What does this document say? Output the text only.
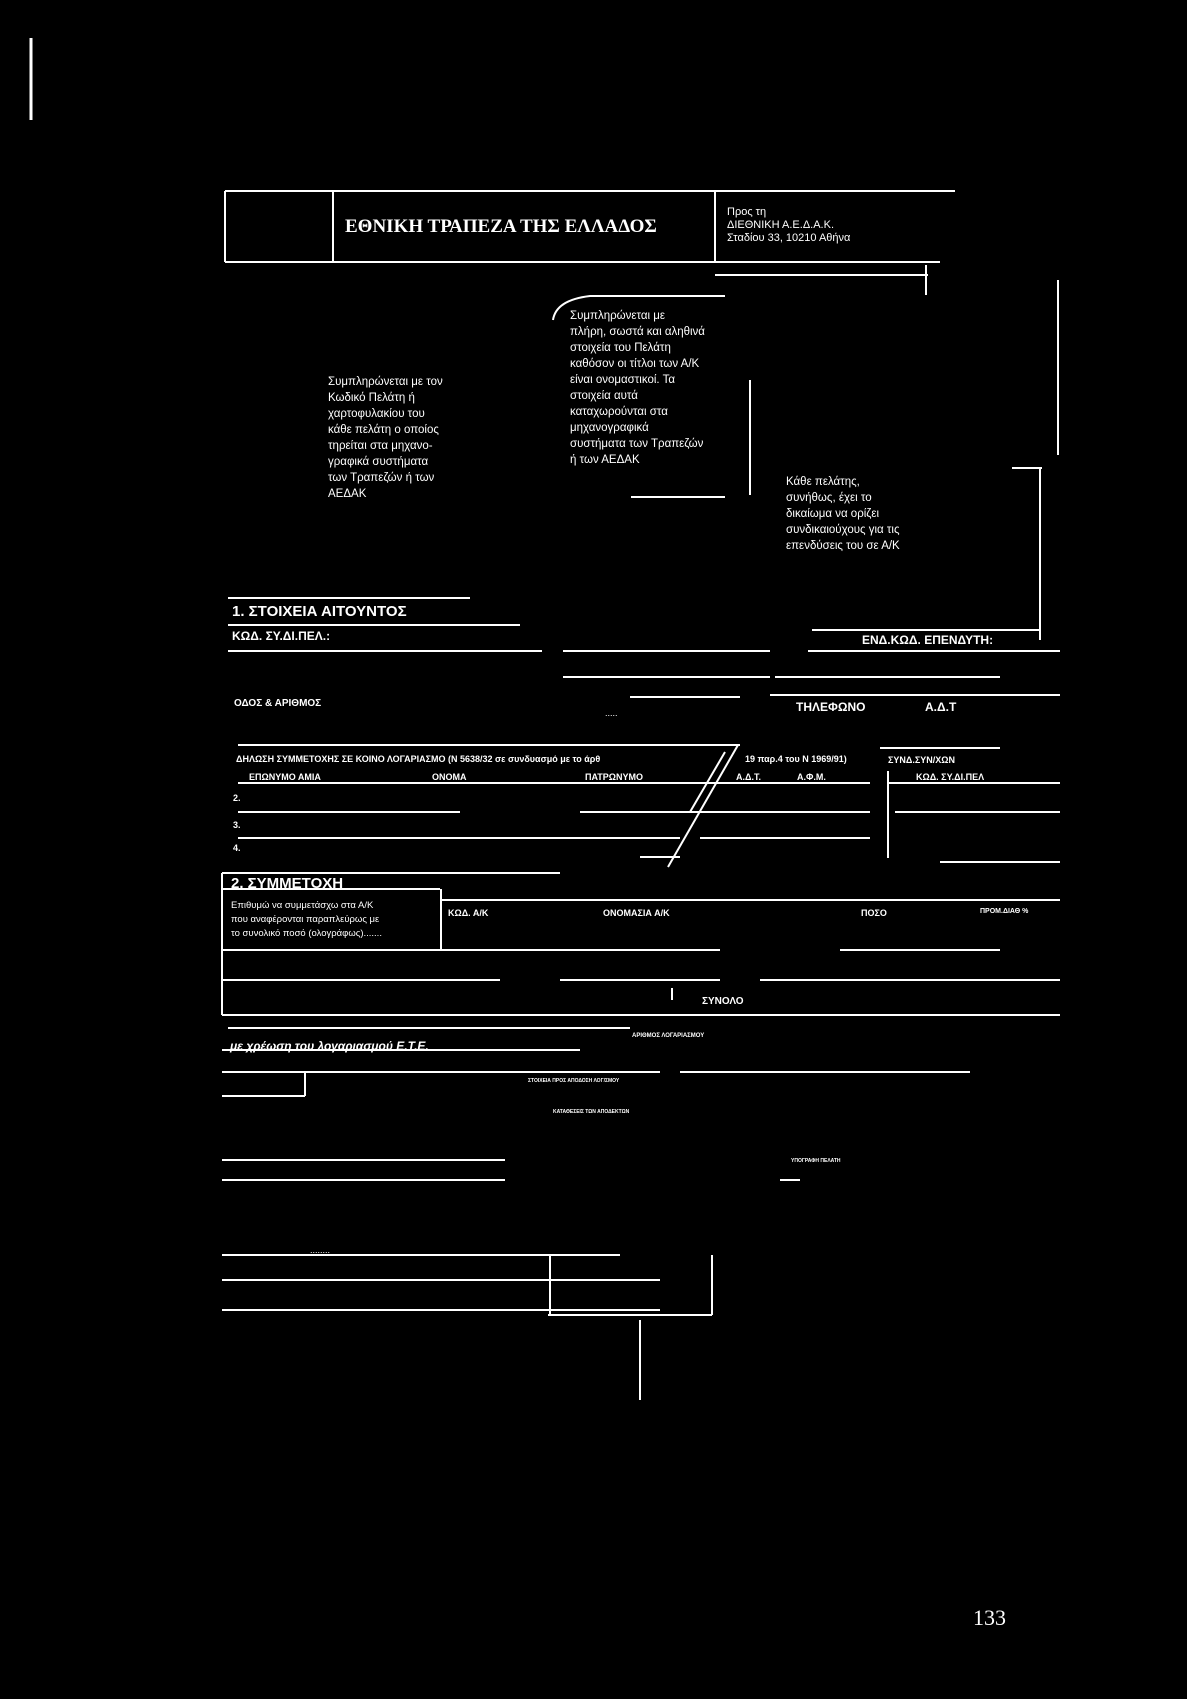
ΕΘΝΙΚΗ ΤΡΑΠΕΖΑ ΤΗΣ ΕΛΛΑΔΟΣ
Προς τη
ΔΙΕΘΝΙΚΗ Α.Ε.Δ.Α.Κ.
Σταδίου 33, 10210 Αθήνα
Συμπληρώνεται με τον
Κωδικό Πελάτη ή
χαρτοφυλακίου του
κάθε πελάτη ο οποίος
τηρείται στα μηχανο-
γραφικά συστήματα
των Τραπεζών ή των
ΑΕΔΑΚ
Συμπληρώνεται με
πλήρη, σωστά και αληθινά
στοιχεία του Πελάτη
καθόσον οι τίτλοι των Α/Κ
είναι ονομαστικοί. Τα
στοιχεία αυτά
καταχωρούνται στα
μηχανογραφικά
συστήματα των Τραπεζών
ή των ΑΕΔΑΚ
Κάθε πελάτης,
συνήθως, έχει το
δικαίωμα να ορίζει
συνδικαιούχους για τις
επενδύσεις του σε Α/Κ
1. ΣΤΟΙΧΕΙΑ ΑΙΤΟΥΝΤΟΣ
ΚΩΔ. ΣΥ.ΔΙ.ΠΕΛ.:	ΕΝΔ.ΚΩΔ. ΕΠΕΝΔΥΤΗ:
ΟΔΟΣ & ΑΡΙΘΜΟΣ
.....	ΤΗΛΕΦΩΝΟ	Α.Δ.Τ
ΔΗΛΩΣΗ ΣΥΜΜΕΤΟΧΗΣ ΣΕ ΚΟΙΝΟ ΛΟΓΑΡΙΑΣΜΟ (Ν 5638/32 σε συνδυασμό με το άρθ	19 παρ.4 του Ν 1969/91)	ΣΥΝΔ.ΣΥΝ/ΧΩΝ
ΕΠΩΝΥΜΟ ΑΜΙΑ	ΟΝΟΜΑ	ΠΑΤΡΩΝΥΜΟ	Α.Δ.Τ.	Α.Φ.Μ.	ΚΩΔ. ΣΥ.ΔΙ.ΠΕΛ
2.
3.
4.
2. ΣΥΜΜΕΤΟΧΗ
Επιθυμώ να συμμετάσχω στα Α/Κ
που αναφέρονται παραπλεύρως με
το συνολικό ποσό (ολογράφως).......
ΚΩΔ. Α/Κ	ΟΝΟΜΑΣΙΑ Α/Κ	ΠΟΣΟ	ΠΡΟΜ.ΔΙΑΘ %
ΣΥΝΟΛΟ
με χρέωση του λογαριασμού Ε.Τ.Ε.
ΑΡΙΘΜΟΣ ΛΟΓΑΡΙΑΣΜΟΥ
ΣΤΟΙΧΕΙΑ ΠΡΟΣ ΑΠΟΔΟΣΗ ΛΟΓ/ΣΜΟΥ
ΚΑΤΑΘΕΣΕΙΣ ΤΩΝ ΑΠΟΔΕΚΤΩΝ
ΥΠΟΓΡΑΦΗ ΠΕΛΑΤΗ
........
133
